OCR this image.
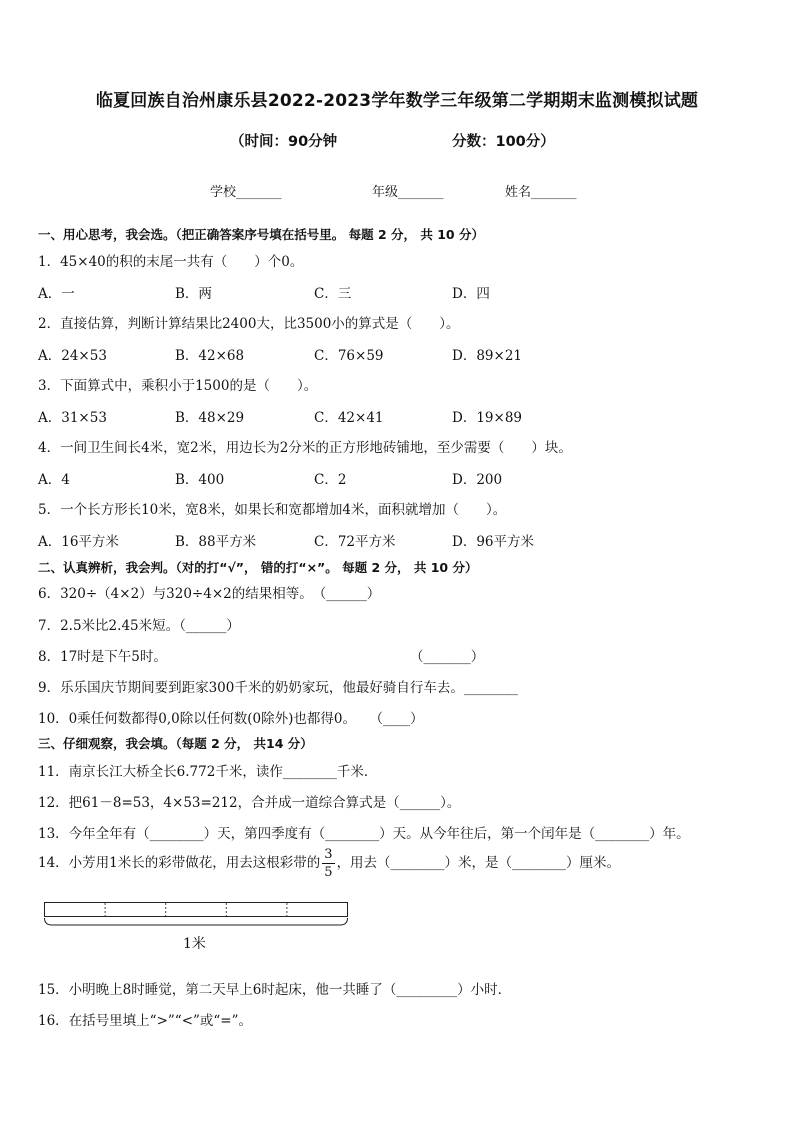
临夏回族自治州康乐县2022-2023学年数学三年级第二学期期末监测模拟试题
（时间：90分钟	分数：100分）
学校_______	年级_______	姓名_______
一、用心思考，我会选。（把正确答案序号填在括号里。 每题 2 分， 共 10 分）
1．45×40的积的末尾一共有（　　）个0。
A．一	B．两	C．三	D．四
2．直接估算，判断计算结果比2400大，比3500小的算式是（　　）。
A．24×53	B．42×68	C．76×59	D．89×21
3．下面算式中，乘积小于1500的是（　　）。
A．31×53	B．48×29	C．42×41	D．19×89
4．一间卫生间长4米，宽2米，用边长为2分米的正方形地砖铺地，至少需要（　　）块。
A．4	B．400	C．2	D．200
5．一个长方形长10米，宽8米，如果长和宽都增加4米，面积就增加（　　）。
A．16平方米	B．88平方米	C．72平方米	D．96平方米
二、认真辨析，我会判。（对的打“√”， 错的打“×”。 每题 2 分， 共 10 分）
6．320÷（4×2）与320÷4×2的结果相等。　（______）
7．2.5米比2.45米短。（______）
8．17时是下午5时。	（_______）
9．乐乐国庆节期间要到距家300千米的奶奶家玩，他最好骑自行车去。________
10．0乘任何数都得0,0除以任何数(0除外)也都得0。　　（____）
三、仔细观察，我会填。（每题 2 分， 共14 分）
11．南京长江大桥全长6.772千米，读作________千米．
12．把61－8=53，4×53=212，合并成一道综合算式是（______）。
13．今年全年有（________）天，第四季度有（________）天。从今年往后，第一个闰年是（________）年。
14．小芳用1米长的彩带做花，用去这根彩带的 $\frac{3}{5}$ ，用去（________）米，是（________）厘米。
1米
15．小明晚上8时睡觉，第二天早上6时起床，他一共睡了（_________）小时．
16．在括号里填上“>”“<”或“=”。
